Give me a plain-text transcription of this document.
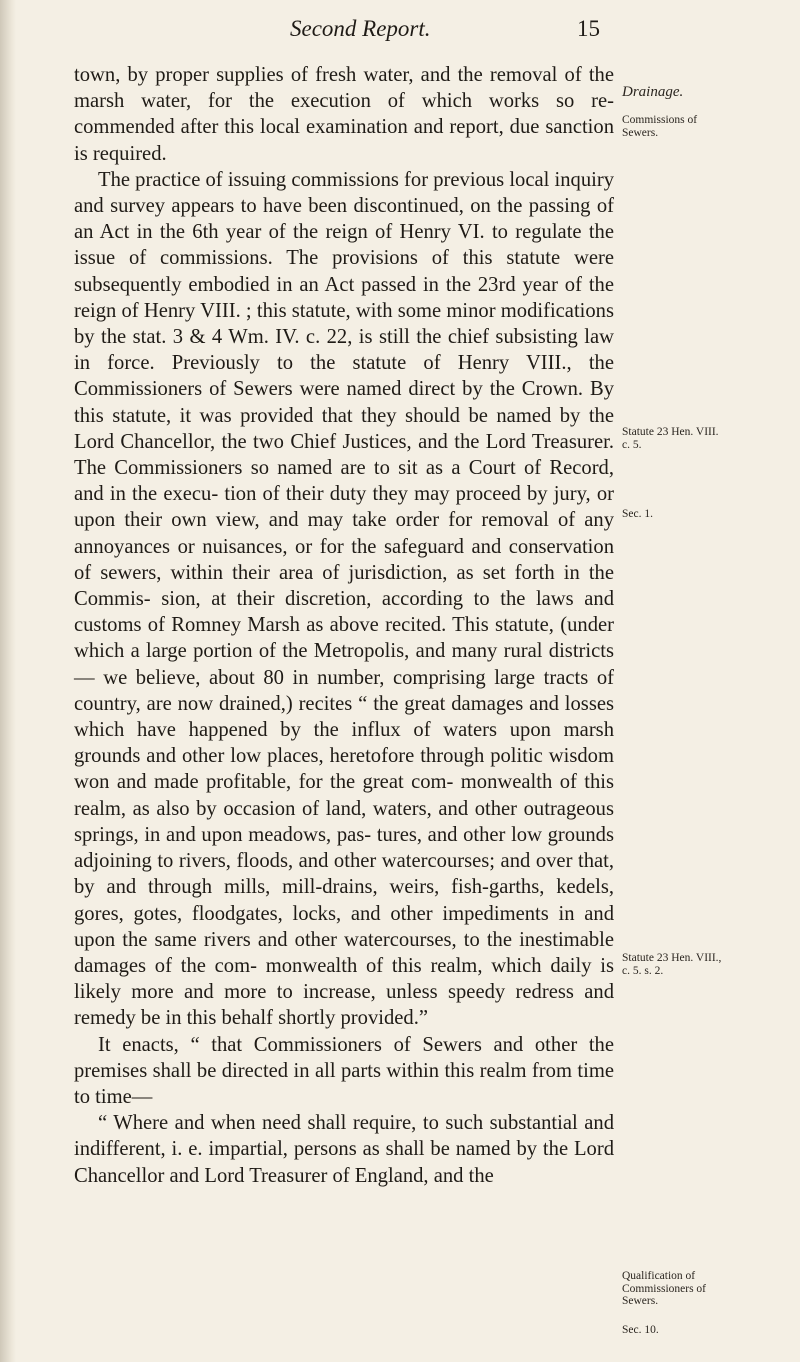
Second Report.	15

town, by proper supplies of fresh water, and the removal of the marsh water, for the execution of which works so re- commended after this local examination and report, due sanction is required.

The practice of issuing commissions for previous local inquiry and survey appears to have been discontinued, on the passing of an Act in the 6th year of the reign of Henry VI. to regulate the issue of commissions. The provisions of this statute were subsequently embodied in an Act passed in the 23rd year of the reign of Henry VIII. ; this statute, with some minor modifications by the stat. 3 & 4 Wm. IV. c. 22, is still the chief subsisting law in force. Previously to the statute of Henry VIII., the Commissioners of Sewers were named direct by the Crown. By this statute, it was provided that they should be named by the Lord Chancellor, the two Chief Justices, and the Lord Treasurer. The Commissioners so named are to sit as a Court of Record, and in the execu- tion of their duty they may proceed by jury, or upon their own view, and may take order for removal of any annoyances or nuisances, or for the safeguard and conservation of sewers, within their area of jurisdiction, as set forth in the Commis- sion, at their discretion, according to the laws and customs of Romney Marsh as above recited. This statute, (under which a large portion of the Metropolis, and many rural districts— we believe, about 80 in number, comprising large tracts of country, are now drained,) recites “ the great damages and losses which have happened by the influx of waters upon marsh grounds and other low places, heretofore through politic wisdom won and made profitable, for the great com- monwealth of this realm, as also by occasion of land, waters, and other outrageous springs, in and upon meadows, pas- tures, and other low grounds adjoining to rivers, floods, and other watercourses; and over that, by and through mills, mill-drains, weirs, fish-garths, kedels, gores, gotes, floodgates, locks, and other impediments in and upon the same rivers and other watercourses, to the inestimable damages of the com- monwealth of this realm, which daily is likely more and more to increase, unless speedy redress and remedy be in this behalf shortly provided.”

It enacts, “ that Commissioners of Sewers and other the premises shall be directed in all parts within this realm from time to time—

“ Where and when need shall require, to such substantial and indifferent, i. e. impartial, persons as shall be named by the Lord Chancellor and Lord Treasurer of England, and the

Drainage.
Commissions of Sewers.
Statute 23 Hen. VIII. c. 5.
Sec. 1.
Statute 23 Hen. VIII., c. 5. s. 2.
Qualification of Commissioners of Sewers.
Sec. 10.
